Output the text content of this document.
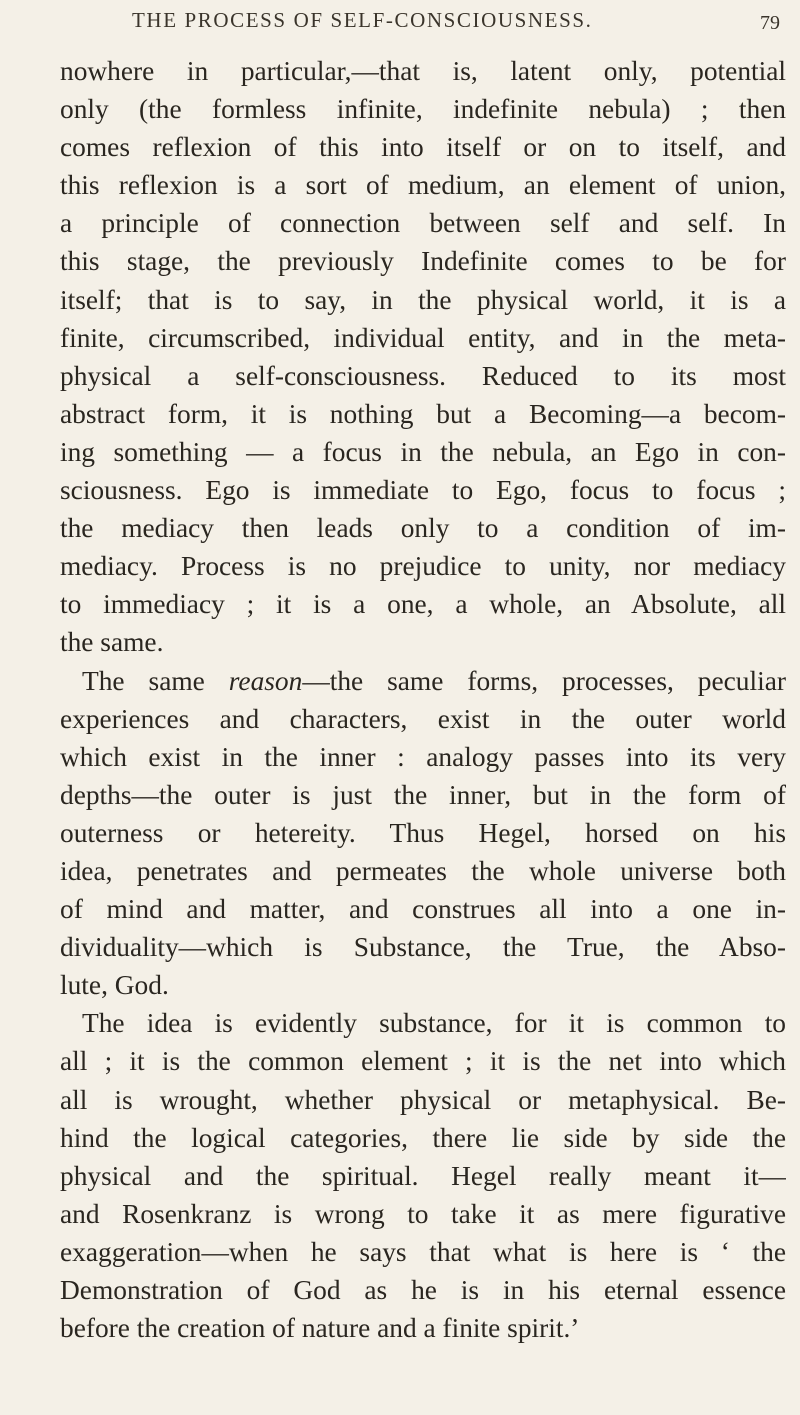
THE PROCESS OF SELF-CONSCIOUSNESS.	79
nowhere in particular,—that is, latent only, potential
only (the formless infinite, indefinite nebula) ; then
comes reflexion of this into itself or on to itself, and
this reflexion is a sort of medium, an element of union,
a principle of connection between self and self. In
this stage, the previously Indefinite comes to be for
itself; that is to say, in the physical world, it is a
finite, circumscribed, individual entity, and in the meta-
physical a self-consciousness. Reduced to its most
abstract form, it is nothing but a Becoming—a becom-
ing something — a focus in the nebula, an Ego in con-
sciousness. Ego is immediate to Ego, focus to focus ;
the mediacy then leads only to a condition of im-
mediacy. Process is no prejudice to unity, nor mediacy
to immediacy ; it is a one, a whole, an Absolute, all
the same.
The same reason—the same forms, processes, peculiar
experiences and characters, exist in the outer world
which exist in the inner : analogy passes into its very
depths—the outer is just the inner, but in the form of
outerness or hetereity. Thus Hegel, horsed on his
idea, penetrates and permeates the whole universe both
of mind and matter, and construes all into a one in-
dividuality—which is Substance, the True, the Abso-
lute, God.
The idea is evidently substance, for it is common to
all ; it is the common element ; it is the net into which
all is wrought, whether physical or metaphysical. Be-
hind the logical categories, there lie side by side the
physical and the spiritual. Hegel really meant it—
and Rosenkranz is wrong to take it as mere figurative
exaggeration—when he says that what is here is ‘ the
Demonstration of God as he is in his eternal essence
before the creation of nature and a finite spirit.’
